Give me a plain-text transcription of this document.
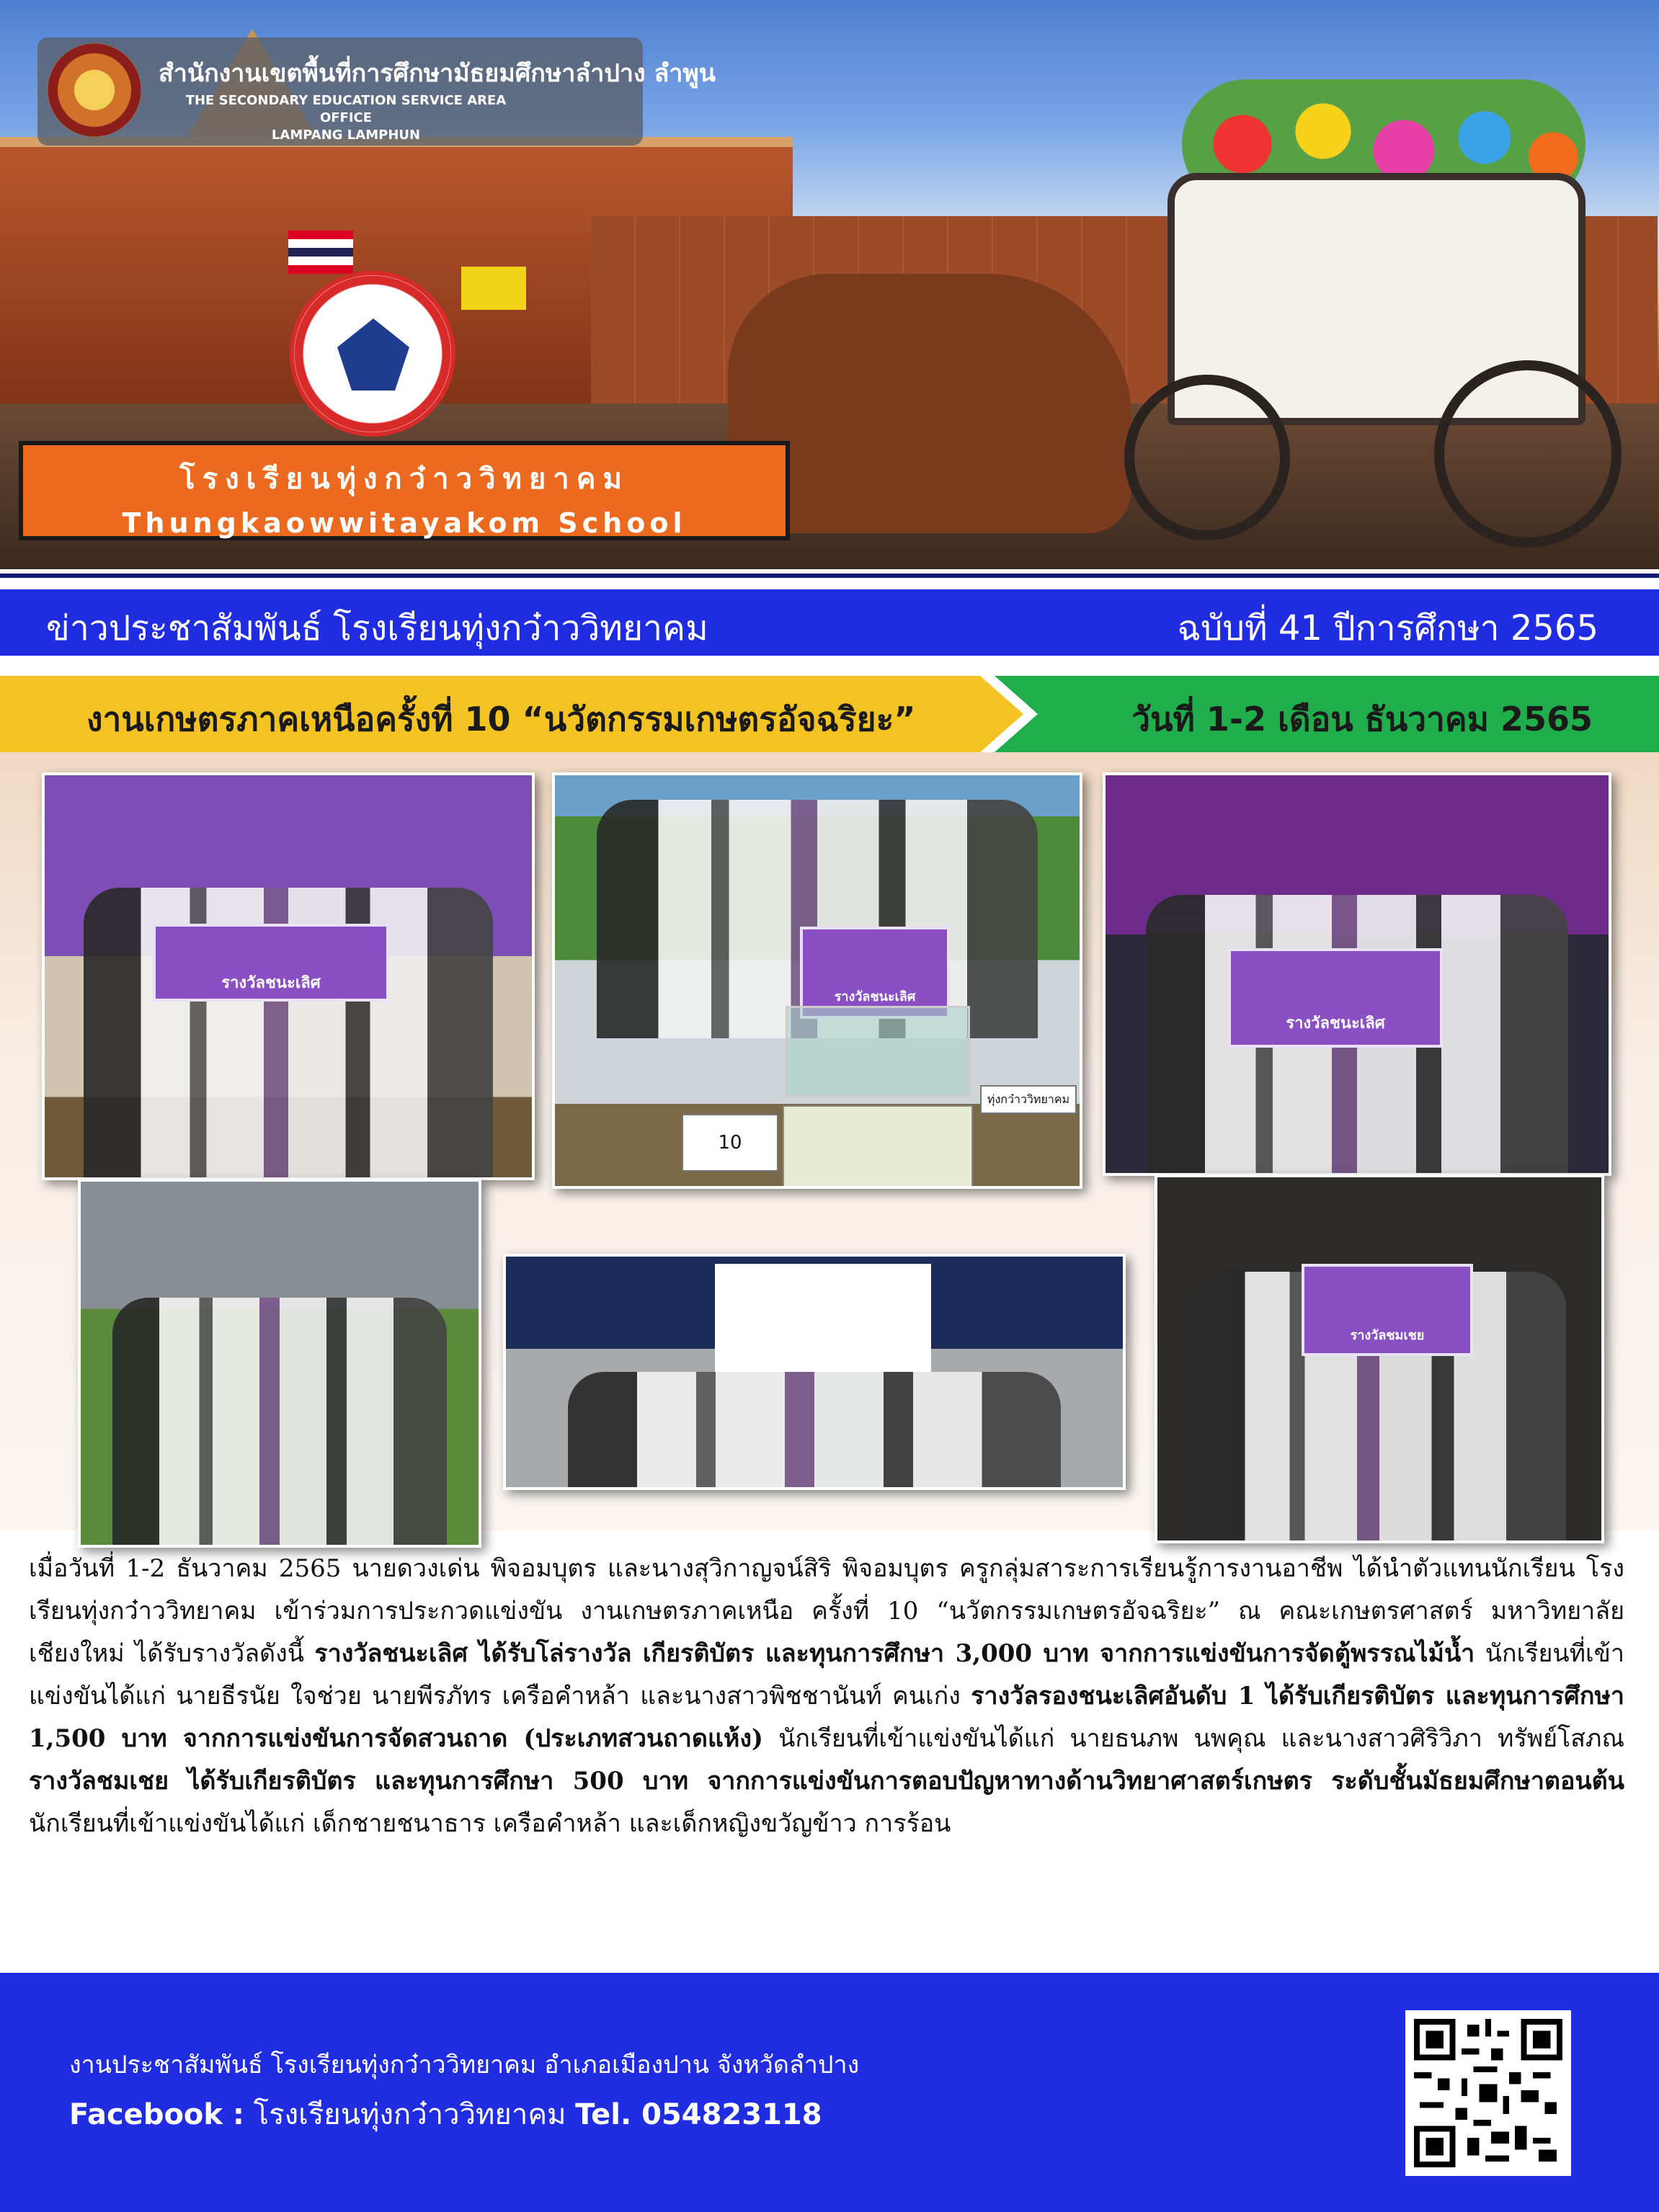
สำนักงานเขตพื้นที่การศึกษามัธยมศึกษาลำปาง ลำพูน
THE SECONDARY EDUCATION SERVICE AREA OFFICE
LAMPANG LAMPHUN
โรงเรียนทุ่งกว๋าววิทยาคม
Thungkaowwitayakom School
ข่าวประชาสัมพันธ์ โรงเรียนทุ่งกว๋าววิทยาคม	ฉบับที่ 41 ปีการศึกษา 2565
งานเกษตรภาคเหนือครั้งที่ 10 “นวัตกรรมเกษตรอัจฉริยะ”	วันที่ 1-2 เดือน ธันวาคม 2565
รางวัลชนะเลิศ
รางวัลชนะเลิศ
10
ทุ่งกว๋าววิทยาคม
รางวัลชนะเลิศ
รางวัลชมเชย
เมื่อวันที่ 1-2 ธันวาคม 2565 นายดวงเด่น พิจอมบุตร และนางสุวิกาญจน์สิริ พิจอมบุตร ครูกลุ่มสาระการเรียนรู้การงานอาชีพ ได้นำตัวแทนนักเรียน โรงเรียนทุ่งกว๋าววิทยาคม เข้าร่วมการประกวดแข่งขัน งานเกษตรภาคเหนือ ครั้งที่ 10 “นวัตกรรมเกษตรอัจฉริยะ” ณ คณะเกษตรศาสตร์ มหาวิทยาลัยเชียงใหม่ ได้รับรางวัลดังนี้ รางวัลชนะเลิศ ได้รับโล่รางวัล เกียรติบัตร และทุนการศึกษา 3,000 บาท จากการแข่งขันการจัดตู้พรรณไม้น้ำ นักเรียนที่เข้าแข่งขันได้แก่ นายธีรนัย ใจช่วย นายพีรภัทร เครือคำหล้า และนางสาวพิชชานันท์ คนเก่ง รางวัลรองชนะเลิศอันดับ 1 ได้รับเกียรติบัตร และทุนการศึกษา 1,500 บาท จากการแข่งขันการจัดสวนถาด (ประเภทสวนถาดแห้ง) นักเรียนที่เข้าแข่งขันได้แก่ นายธนภพ นพคุณ และนางสาวศิริวิภา ทรัพย์โสภณ รางวัลชมเชย ได้รับเกียรติบัตร และทุนการศึกษา 500 บาท จากการแข่งขันการตอบปัญหาทางด้านวิทยาศาสตร์เกษตร ระดับชั้นมัธยมศึกษาตอนต้น นักเรียนที่เข้าแข่งขันได้แก่ เด็กชายชนาธาร เครือคำหล้า และเด็กหญิงขวัญข้าว การร้อน
งานประชาสัมพันธ์ โรงเรียนทุ่งกว๋าววิทยาคม อำเภอเมืองปาน จังหวัดลำปาง
Facebook : โรงเรียนทุ่งกว๋าววิทยาคม Tel. 054823118
